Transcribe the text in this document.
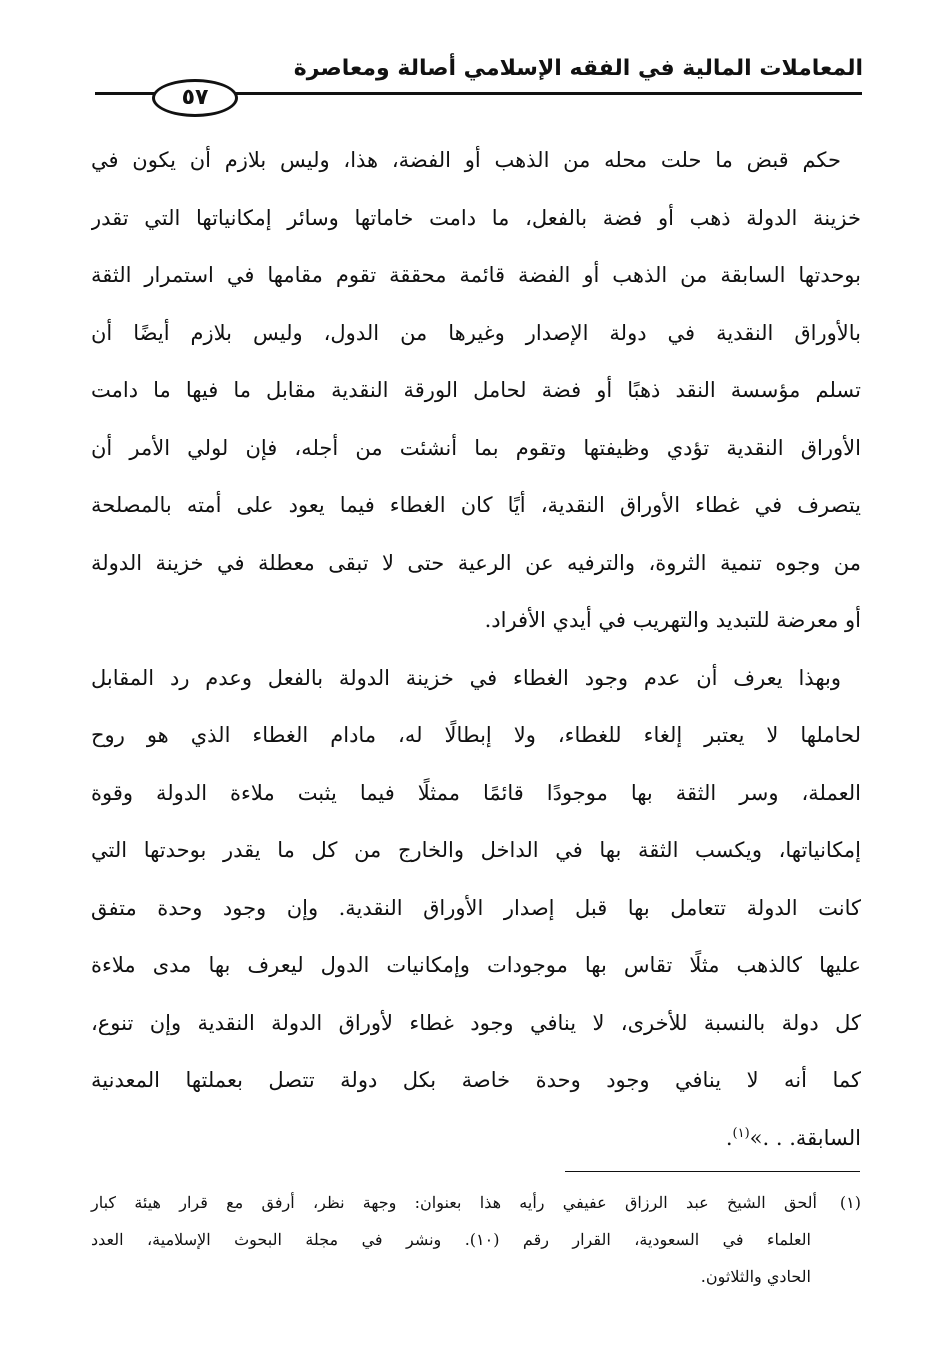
المعاملات المالية في الفقه الإسلامي أصالة ومعاصرة
٥٧
حكم قبض ما حلت محله من الذهب أو الفضة، هذا، وليس بلازم أن يكون في
خزينة الدولة ذهب أو فضة بالفعل، ما دامت خاماتها وسائر إمكانياتها التي تقدر
بوحدتها السابقة من الذهب أو الفضة قائمة محققة تقوم مقامها في استمرار الثقة
بالأوراق النقدية في دولة الإصدار وغيرها من الدول، وليس بلازم أيضًا أن
تسلم مؤسسة النقد ذهبًا أو فضة لحامل الورقة النقدية مقابل ما فيها ما دامت
الأوراق النقدية تؤدي وظيفتها وتقوم بما أنشئت من أجله، فإن لولي الأمر أن
يتصرف في غطاء الأوراق النقدية، أيًا كان الغطاء فيما يعود على أمته بالمصلحة
من وجوه تنمية الثروة، والترفيه عن الرعية حتى لا تبقى معطلة في خزينة الدولة
أو معرضة للتبديد والتهريب في أيدي الأفراد.
وبهذا يعرف أن عدم وجود الغطاء في خزينة الدولة بالفعل وعدم رد المقابل
لحاملها لا يعتبر إلغاء للغطاء، ولا إبطالًا له، مادام الغطاء الذي هو روح
العملة، وسر الثقة بها موجودًا قائمًا ممثلًا فيما يثبت ملاءة الدولة وقوة
إمكانياتها، ويكسب الثقة بها في الداخل والخارج من كل ما يقدر بوحدتها التي
كانت الدولة تتعامل بها قبل إصدار الأوراق النقدية. وإن وجود وحدة متفق
عليها كالذهب مثلًا تقاس بها موجودات وإمكانيات الدول ليعرف بها مدى ملاءة
كل دولة بالنسبة للأخرى، لا ينافي وجود غطاء لأوراق الدولة النقدية وإن تنوع،
كما أنه لا ينافي وجود وحدة خاصة بكل دولة تتصل بعملتها المعدنية
السابقة. . .»$^{(١)}$.
(١)ألحق الشيخ عبد الرزاق عفيفي رأيه هذا بعنوان: وجهة نظر، أرفق مع قرار هيئة كبار
العلماء في السعودية، القرار رقم (١٠). ونشر في مجلة البحوث الإسلامية، العدد
الحادي والثلاثون.
